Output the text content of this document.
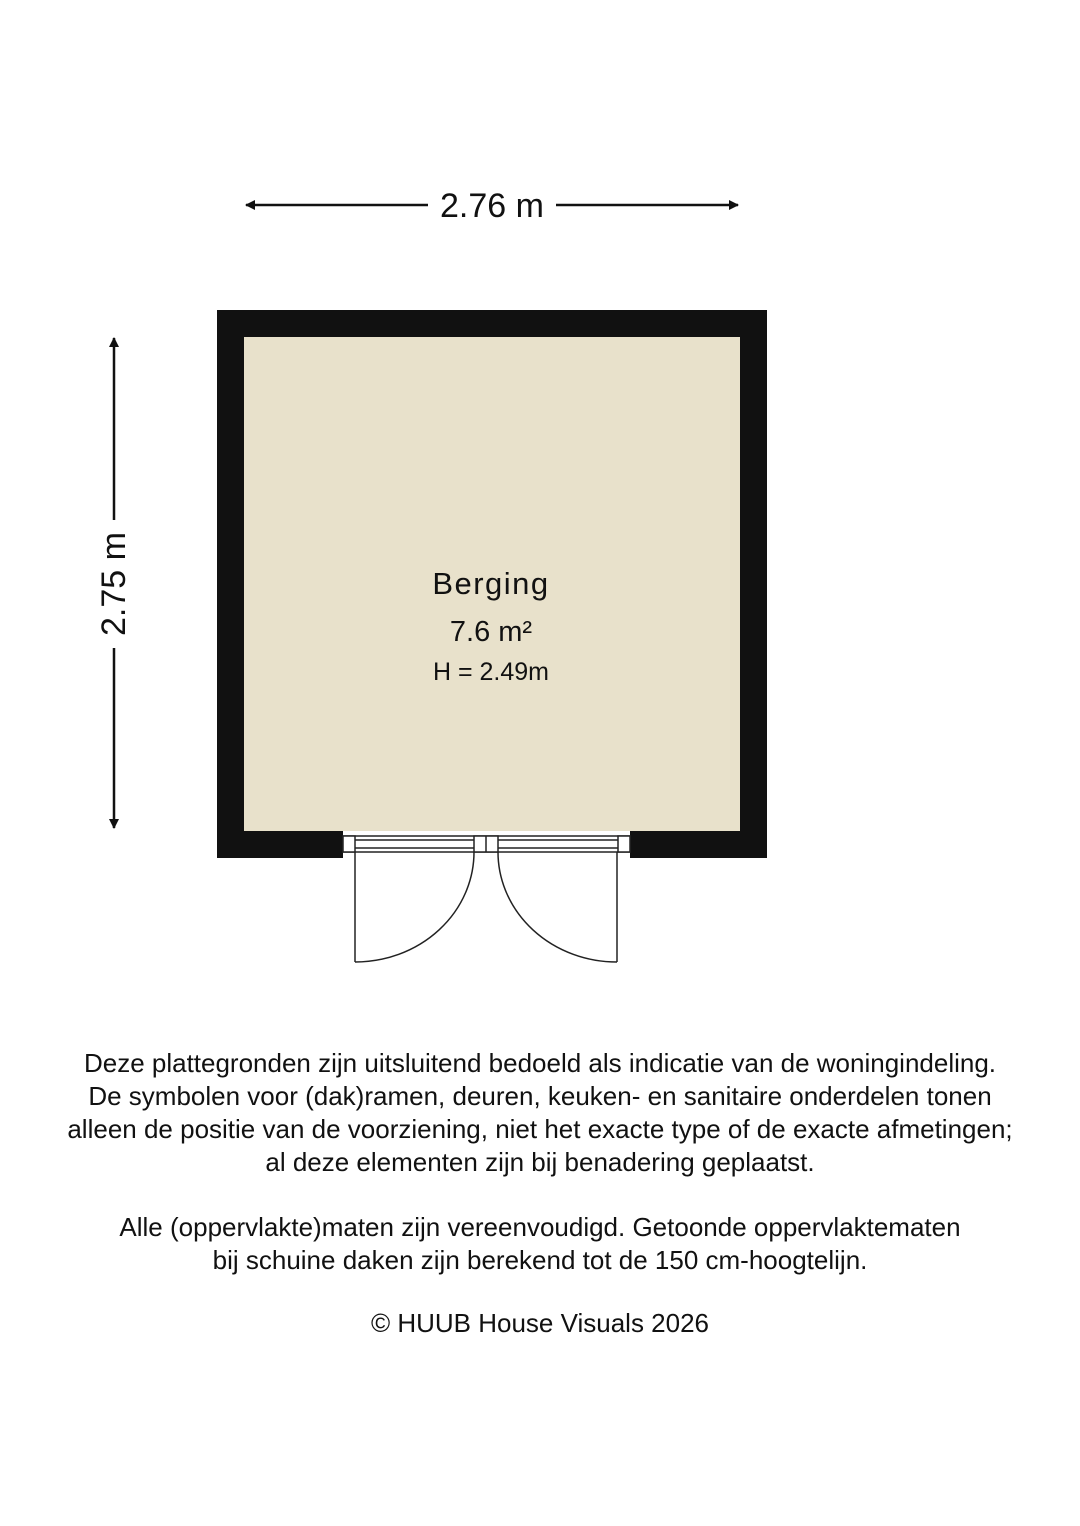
2.76 m
2.75 m	Berging
7.6 m²
H = 2.49m

Deze plattegronden zijn uitsluitend bedoeld als indicatie van de woningindeling.

De symbolen voor (dak)ramen, deuren, keuken- en sanitaire onderdelen tonen

alleen de positie van de voorziening, niet het exacte type of de exacte afmetingen;

al deze elementen zijn bij benadering geplaatst.

Alle (oppervlakte)maten zijn vereenvoudigd. Getoonde oppervlaktematen

bij schuine daken zijn berekend tot de 150 cm-hoogtelijn.

© HUUB House Visuals 2026
